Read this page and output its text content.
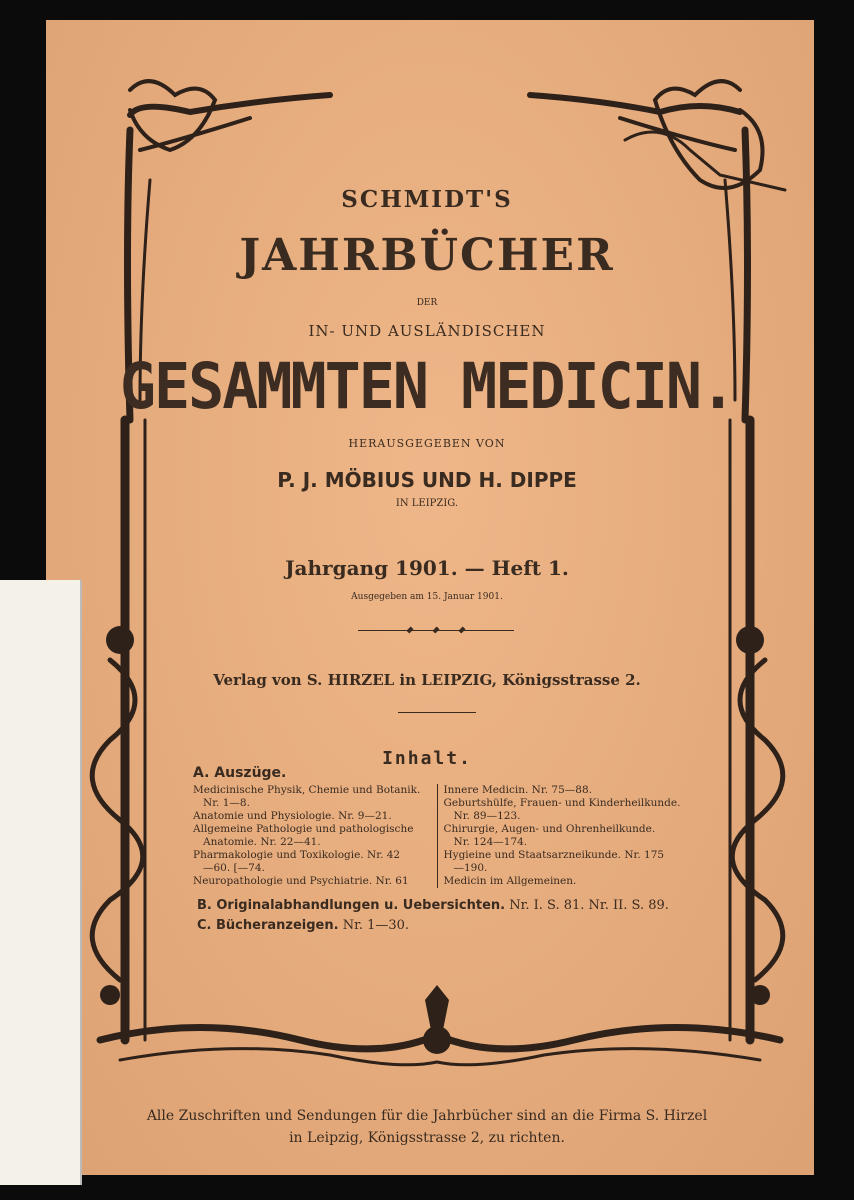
SCHMIDT'S
JAHRBÜCHER
DER
IN- UND AUSLÄNDISCHEN
GESAMMTEN MEDICIN.
HERAUSGEGEBEN VON
P. J. MÖBIUS UND H. DIPPE
IN LEIPZIG.
Jahrgang 1901. — Heft 1.
Ausgegeben am 15. Januar 1901.
Verlag von S. HIRZEL in LEIPZIG, Königsstrasse 2.
Inhalt.
A. Auszüge.
Medicinische Physik, Chemie und Botanik.
Nr. 1—8.
Anatomie und Physiologie. Nr. 9—21.
Allgemeine Pathologie und pathologische
Anatomie. Nr. 22—41.
Pharmakologie und Toxikologie. Nr. 42
—60. [—74.
Neuropathologie und Psychiatrie. Nr. 61
Innere Medicin. Nr. 75—88.
Geburtshülfe, Frauen- und Kinderheilkunde.
Nr. 89—123.
Chirurgie, Augen- und Ohrenheilkunde.
Nr. 124—174.
Hygieine und Staatsarzneikunde. Nr. 175
—190.
Medicin im Allgemeinen.
B. Originalabhandlungen u. Uebersichten. Nr. I. S. 81. Nr. II. S. 89.
C. Bücheranzeigen. Nr. 1—30.
Alle Zuschriften und Sendungen für die Jahrbücher sind an die Firma S. Hirzel
in Leipzig, Königsstrasse 2, zu richten.
